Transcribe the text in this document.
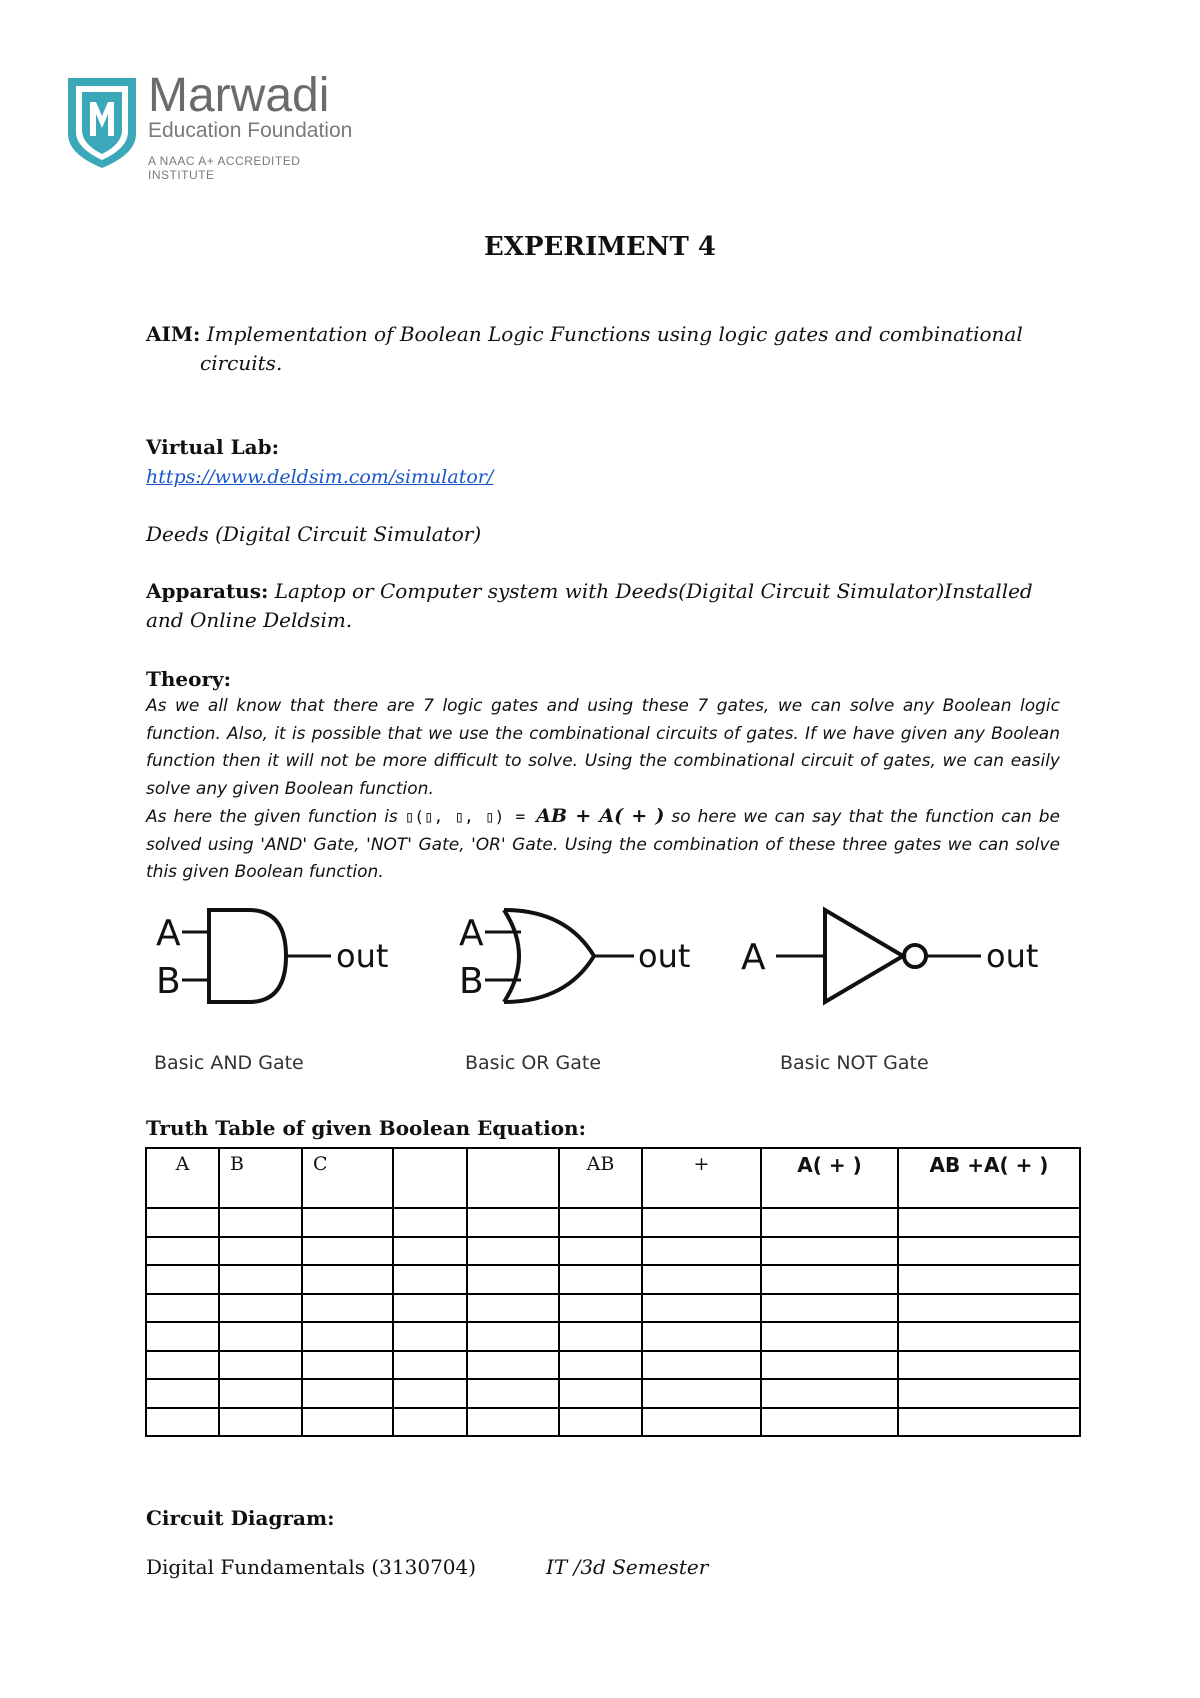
Marwadi
Education Foundation
A NAAC A+ ACCREDITED INSTITUTE
EXPERIMENT 4
AIM: Implementation of Boolean Logic Functions using logic gates and combinational
circuits.
Virtual Lab:
https://www.deldsim.com/simulator/
Deeds (Digital Circuit Simulator)
Apparatus: Laptop or Computer system with Deeds(Digital Circuit Simulator)Installed
and Online Deldsim.
Theory:
As we all know that there are 7 logic gates and using these 7 gates, we can solve any Boolean logic function. Also, it is possible that we use the combinational circuits of gates. If we have given any Boolean function then it will not be more difficult to solve. Using the combinational circuit of gates, we can easily solve any given Boolean function.
As here the given function is ▯(▯, ▯, ▯) = AB + A( + ) so here we can say that the function can be solved using 'AND' Gate, 'NOT' Gate, 'OR' Gate. Using the combination of these three gates we can solve this given Boolean function.
A
B
out
A
B
out A	out
Basic AND Gate	Basic OR Gate	Basic NOT Gate
Truth Table of given Boolean Equation:
A	B	C			AB	+	A( + )	AB +A( + )

Circuit Diagram:
Digital Fundamentals (3130704)	IT /3d Semester
